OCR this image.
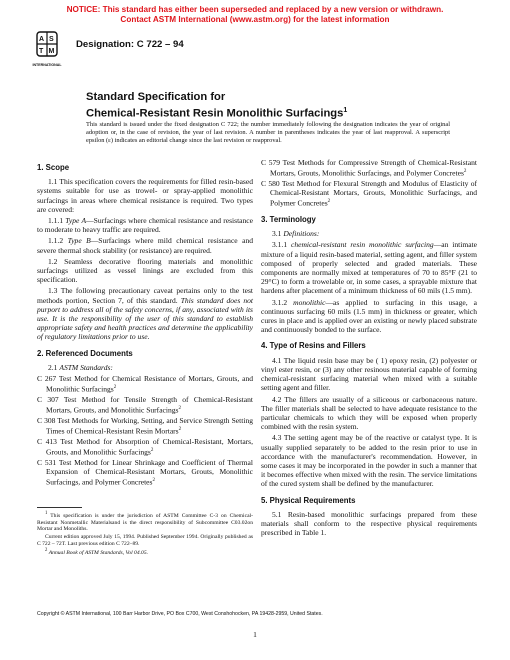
NOTICE: This standard has either been superseded and replaced by a new version or withdrawn.
Contact ASTM International (www.astm.org) for the latest information
A S
T M
INTERNATIONAL
Designation: C 722 – 94
Standard Specification for
Chemical-Resistant Resin Monolithic Surfacings$^1$
This standard is issued under the fixed designation C 722; the number immediately following the designation indicates the year of original adoption or, in the case of revision, the year of last revision. A number in parentheses indicates the year of last reapproval. A superscript epsilon (ε) indicates an editorial change since the last revision or reapproval.
1. Scope

1.1 This specification covers the requirements for filled resin-based systems suitable for use as trowel- or spray-applied monolithic surfacings in areas where chemical resistance is required. Two types are covered:

1.1.1 Type A—Surfacings where chemical resistance and resistance to moderate to heavy traffic are required.

1.1.2 Type B—Surfacings where mild chemical resistance and severe thermal shock stability (or resistance) are required.

1.2 Seamless decorative flooring materials and monolithic surfacings utilized as vessel linings are excluded from this specification.

1.3 The following precautionary caveat pertains only to the test methods portion, Section 7, of this standard. This standard does not purport to address all of the safety concerns, if any, associated with its use. It is the responsibility of the user of this standard to establish appropriate safety and health practices and determine the applicability of regulatory limitations prior to use.

2. Referenced Documents

2.1 ASTM Standards:

C 267 Test Method for Chemical Resistance of Mortars, Grouts, and Monolithic Surfacings$^2$
C 307 Test Method for Tensile Strength of Chemical-Resistant Mortars, Grouts, and Monolithic Surfacings$^2$
C 308 Test Methods for Working, Setting, and Service Strength Setting Times of Chemical-Resistant Resin Mortars$^2$
C 413 Test Method for Absorption of Chemical-Resistant, Mortars, Grouts, and Monolithic Surfacings$^2$
C 531 Test Method for Linear Shrinkage and Coefficient of Thermal Expansion of Chemical-Resistant Mortars, Grouts, Monolithic Surfacings, and Polymer Concretes$^2$
C 579 Test Methods for Compressive Strength of Chemical-Resistant Mortars, Grouts, Monolithic Surfacings, and Polymer Concretes$^2$
C 580 Test Method for Flexural Strength and Modulus of Elasticity of Chemical-Resistant Mortars, Grouts, Monolithic Surfacings, and Polymer Concretes$^2$
3. Terminology

3.1 Definitions:

3.1.1 chemical-resistant resin monolithic surfacing—an intimate mixture of a liquid resin-based material, setting agent, and filler system composed of properly selected and graded materials. These components are normally mixed at temperatures of 70 to 85°F (21 to 29°C) to form a trowelable or, in some cases, a sprayable mixture that hardens after placement of a minimum thickness of 60 mils (1.5 mm).

3.1.2 monolithic—as applied to surfacing in this usage, a continuous surfacing 60 mils (1.5 mm) in thickness or greater, which cures in place and is applied over an existing or newly placed substrate and continuously bonded to the surface.

4. Type of Resins and Fillers

4.1 The liquid resin base may be ( 1) epoxy resin, (2) polyester or vinyl ester resin, or (3) any other resinous material capable of forming chemical-resistant surfacing material when mixed with a suitable setting agent and filler.

4.2 The fillers are usually of a siliceous or carbonaceous nature. The filler materials shall be selected to have adequate resistance to the particular chemicals to which they will be exposed when properly combined with the resin system.

4.3 The setting agent may be of the reactive or catalyst type. It is usually supplied separately to be added to the resin prior to use in accordance with the manufacturer's recommendation. However, in some cases it may be incorporated in the powder in such a manner that it becomes effective when mixed with the resin. The service limitations of the cured system shall be defined by the manufacturer.

5. Physical Requirements

5.1 Resin-based monolithic surfacings prepared from these materials shall conform to the respective physical requirements prescribed in Table 1.

$^1$ This specification is under the jurisdiction of ASTM Committee C-3 on Chemical-Resistant Nonmetallic Materialsand is the direct responsibility of Subcommittee C03.02on Mortar and Monoliths.
Current edition approved July 15, 1994. Published September 1994. Originally published as C 722 – 72T. Last previous edition C 722–89.
$^2$ Annual Book of ASTM Standards, Vol 04.05.
Copyright © ASTM International, 100 Barr Harbor Drive, PO Box C700, West Conshohocken, PA 19428-2959, United States.
1
